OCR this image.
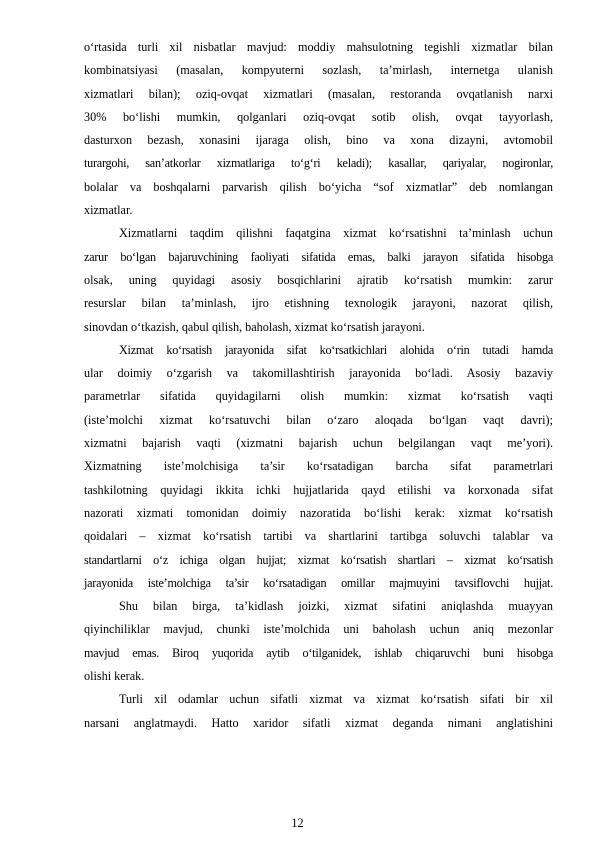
o‘rtasida turli xil nisbatlar mavjud: moddiy mahsulotning tegishli xizmatlar bilan
kombinatsiyasi (masalan, kompyuterni sozlash, ta’mirlash, internetga ulanish
xizmatlari bilan); oziq-ovqat xizmatlari (masalan, restoranda ovqatlanish narxi
30% bo‘lishi mumkin, qolganlari oziq-ovqat sotib olish, ovqat tayyorlash,
dasturxon bezash, xonasini ijaraga olish, bino va xona dizayni, avtomobil
turargohi, san’atkorlar xizmatlariga to‘g‘ri keladi); kasallar, qariyalar, nogironlar,
bolalar va boshqalarni parvarish qilish bo‘yicha “sof xizmatlar” deb nomlangan
xizmatlar.
Xizmatlarni taqdim qilishni faqatgina xizmat ko‘rsatishni ta’minlash uchun
zarur bo‘lgan bajaruvchining faoliyati sifatida emas, balki jarayon sifatida hisobga
olsak, uning quyidagi asosiy bosqichlarini ajratib ko‘rsatish mumkin: zarur
resurslar bilan ta’minlash, ijro etishning texnologik jarayoni, nazorat qilish,
sinovdan o‘tkazish, qabul qilish, baholash, xizmat ko‘rsatish jarayoni.
Xizmat ko‘rsatish jarayonida sifat ko‘rsatkichlari alohida o‘rin tutadi hamda
ular doimiy o‘zgarish va takomillashtirish jarayonida bo‘ladi. Asosiy bazaviy
parametrlar sifatida quyidagilarni olish mumkin: xizmat ko‘rsatish vaqti
(iste’molchi xizmat ko‘rsatuvchi bilan o‘zaro aloqada bo‘lgan vaqt davri);
xizmatni bajarish vaqti (xizmatni bajarish uchun belgilangan vaqt me’yori).
Xizmatning iste’molchisiga ta’sir ko‘rsatadigan barcha sifat parametrlari
tashkilotning quyidagi ikkita ichki hujjatlarida qayd etilishi va korxonada sifat
nazorati xizmati tomonidan doimiy nazoratida bo‘lishi kerak: xizmat ko‘rsatish
qoidalari – xizmat ko‘rsatish tartibi va shartlarini tartibga soluvchi talablar va
standartlarni o‘z ichiga olgan hujjat; xizmat ko‘rsatish shartlari – xizmat ko‘rsatish
jarayonida iste’molchiga ta’sir ko‘rsatadigan omillar majmuyini tavsiflovchi hujjat.
Shu bilan birga, ta’kidlash joizki, xizmat sifatini aniqlashda muayyan
qiyinchiliklar mavjud, chunki iste’molchida uni baholash uchun aniq mezonlar
mavjud emas. Biroq yuqorida aytib o‘tilganidek, ishlab chiqaruvchi buni hisobga
olishi kerak.
Turli xil odamlar uchun sifatli xizmat va xizmat ko‘rsatish sifati bir xil
narsani anglatmaydi. Hatto xaridor sifatli xizmat deganda nimani anglatishini
12
